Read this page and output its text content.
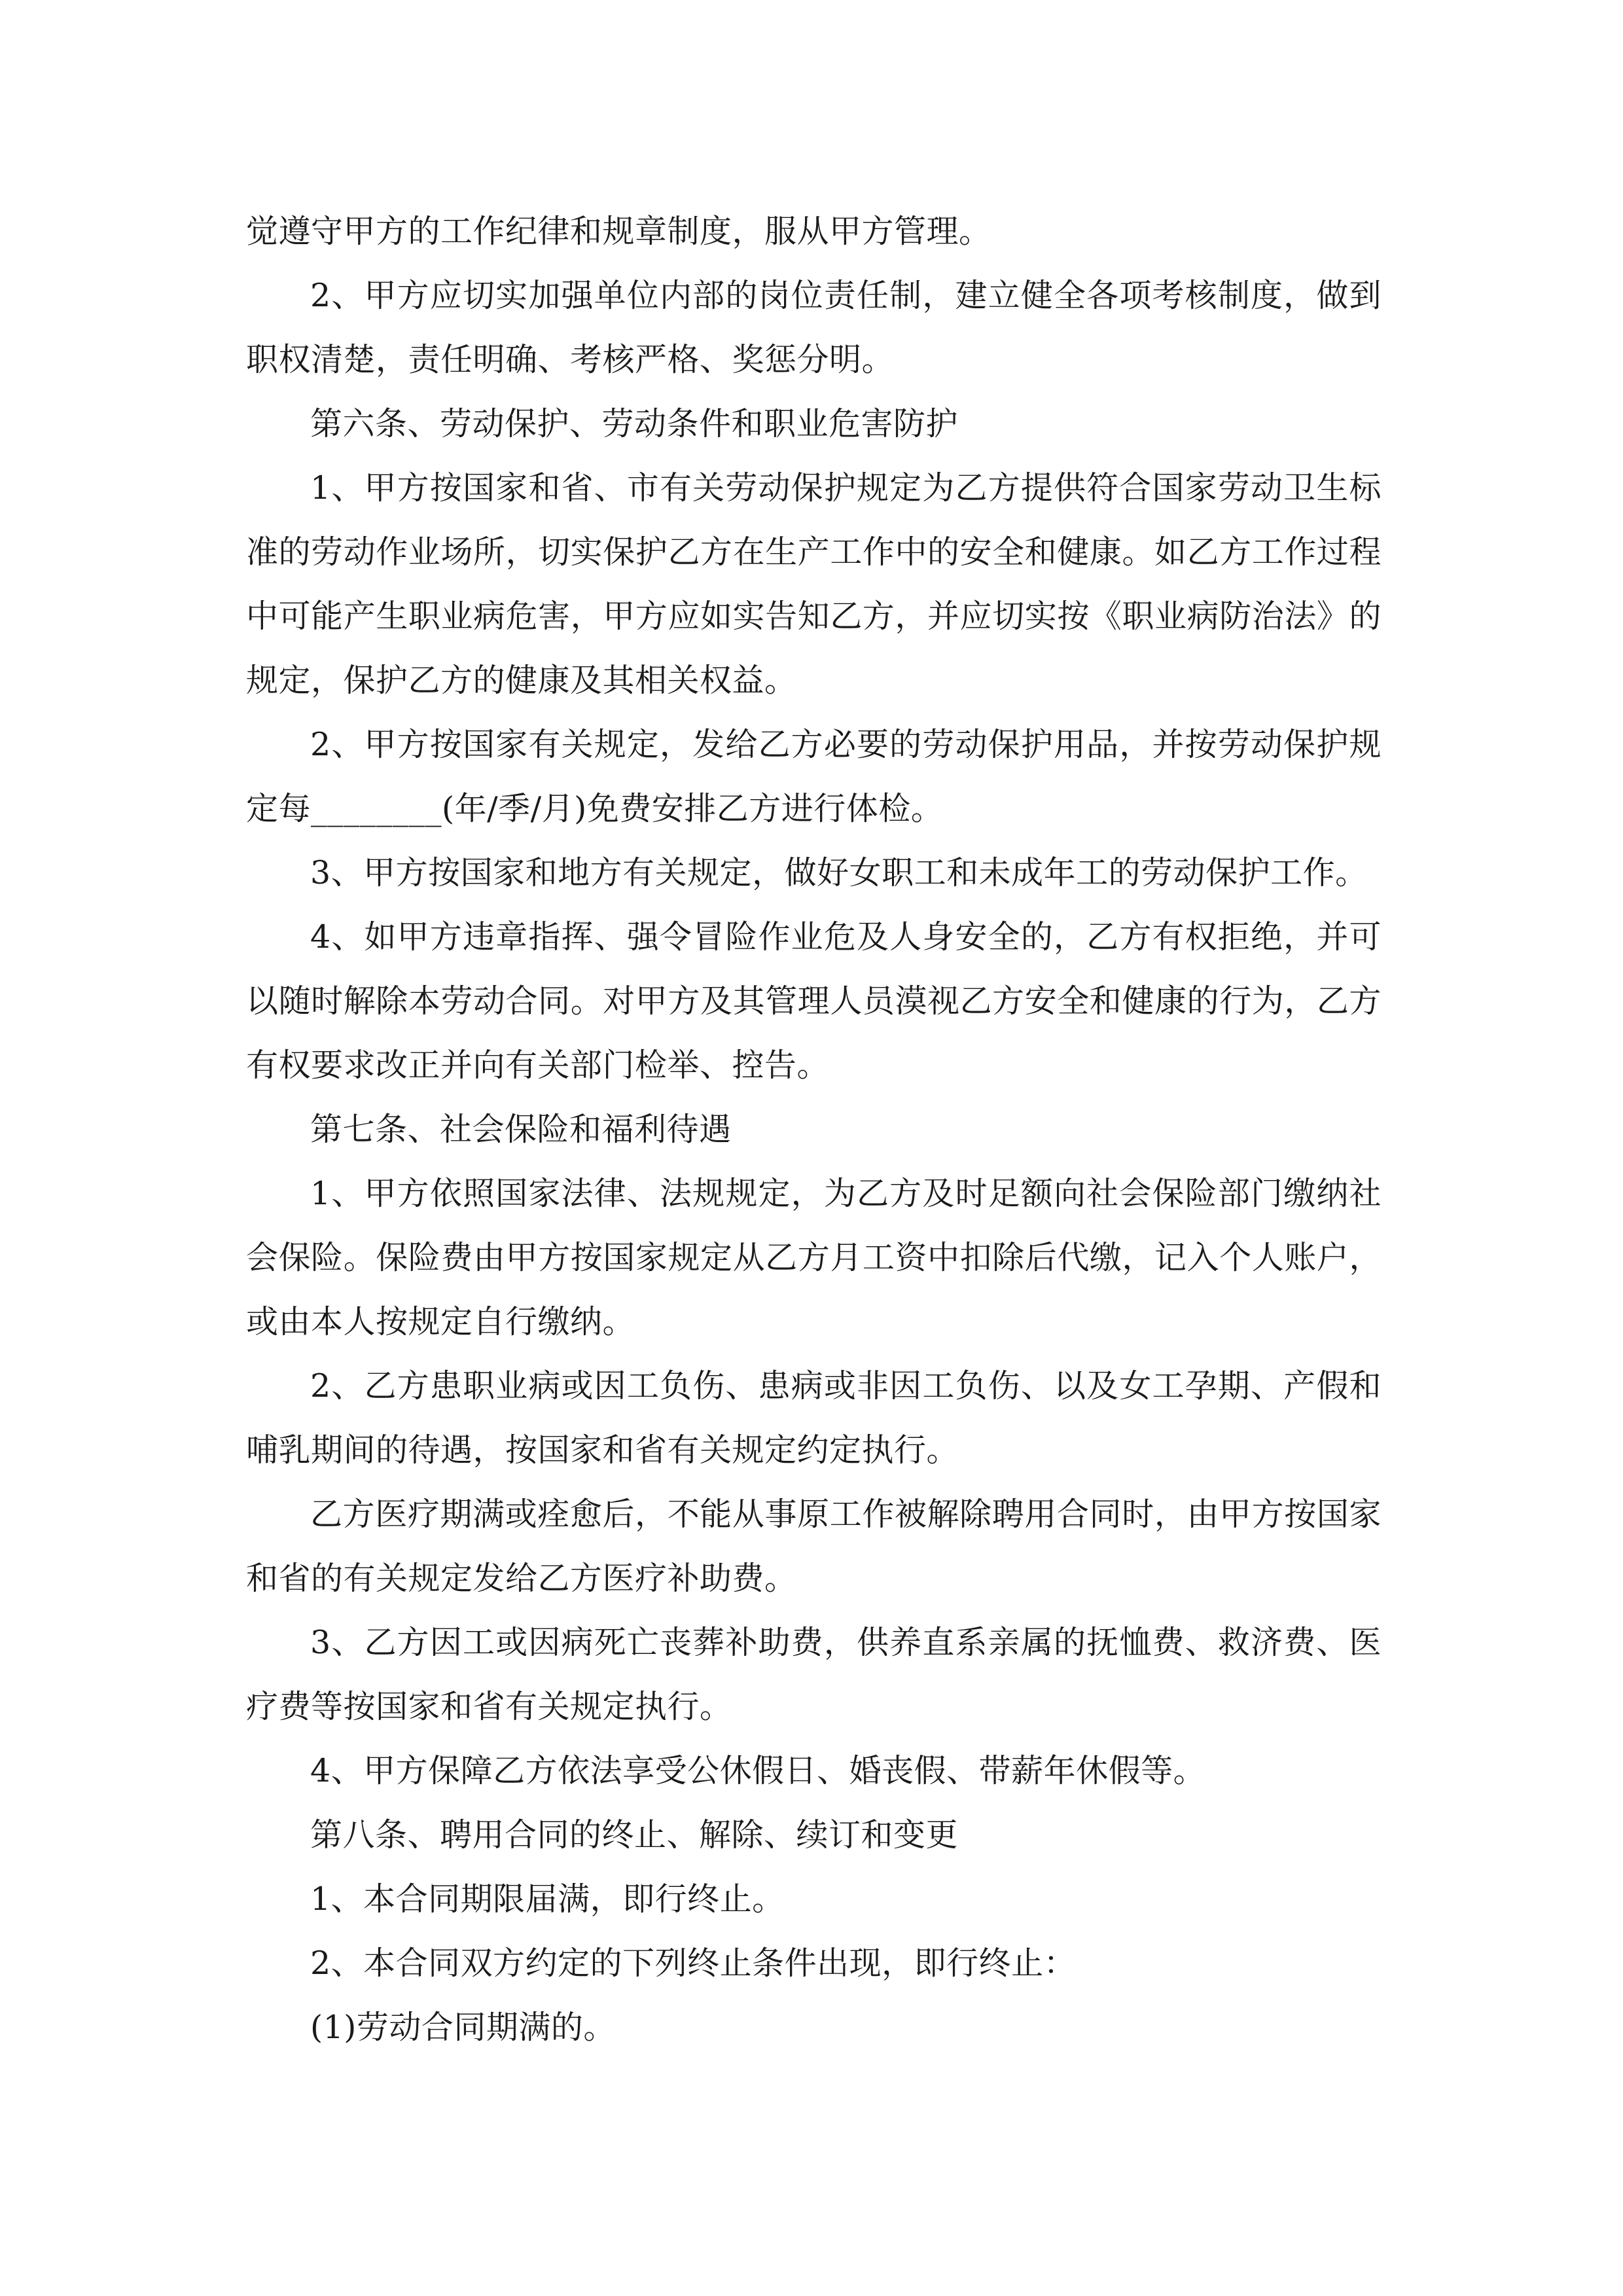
觉遵守甲方的工作纪律和规章制度，服从甲方管理。

2、甲方应切实加强单位内部的岗位责任制，建立健全各项考核制度，做到职权清楚，责任明确、考核严格、奖惩分明。

第六条、劳动保护、劳动条件和职业危害防护

1、甲方按国家和省、市有关劳动保护规定为乙方提供符合国家劳动卫生标准的劳动作业场所，切实保护乙方在生产工作中的安全和健康。如乙方工作过程中可能产生职业病危害，甲方应如实告知乙方，并应切实按《职业病防治法》的规定，保护乙方的健康及其相关权益。

2、甲方按国家有关规定，发给乙方必要的劳动保护用品，并按劳动保护规定每________(年/季/月)免费安排乙方进行体检。

3、甲方按国家和地方有关规定，做好女职工和未成年工的劳动保护工作。

4、如甲方违章指挥、强令冒险作业危及人身安全的，乙方有权拒绝，并可以随时解除本劳动合同。对甲方及其管理人员漠视乙方安全和健康的行为，乙方有权要求改正并向有关部门检举、控告。

第七条、社会保险和福利待遇

1、甲方依照国家法律、法规规定，为乙方及时足额向社会保险部门缴纳社会保险。保险费由甲方按国家规定从乙方月工资中扣除后代缴，记入个人账户，或由本人按规定自行缴纳。

2、乙方患职业病或因工负伤、患病或非因工负伤、以及女工孕期、产假和哺乳期间的待遇，按国家和省有关规定约定执行。

乙方医疗期满或痊愈后，不能从事原工作被解除聘用合同时，由甲方按国家和省的有关规定发给乙方医疗补助费。

3、乙方因工或因病死亡丧葬补助费，供养直系亲属的抚恤费、救济费、医疗费等按国家和省有关规定执行。

4、甲方保障乙方依法享受公休假日、婚丧假、带薪年休假等。

第八条、聘用合同的终止、解除、续订和变更

1、本合同期限届满，即行终止。

2、本合同双方约定的下列终止条件出现，即行终止：

(1)劳动合同期满的。
